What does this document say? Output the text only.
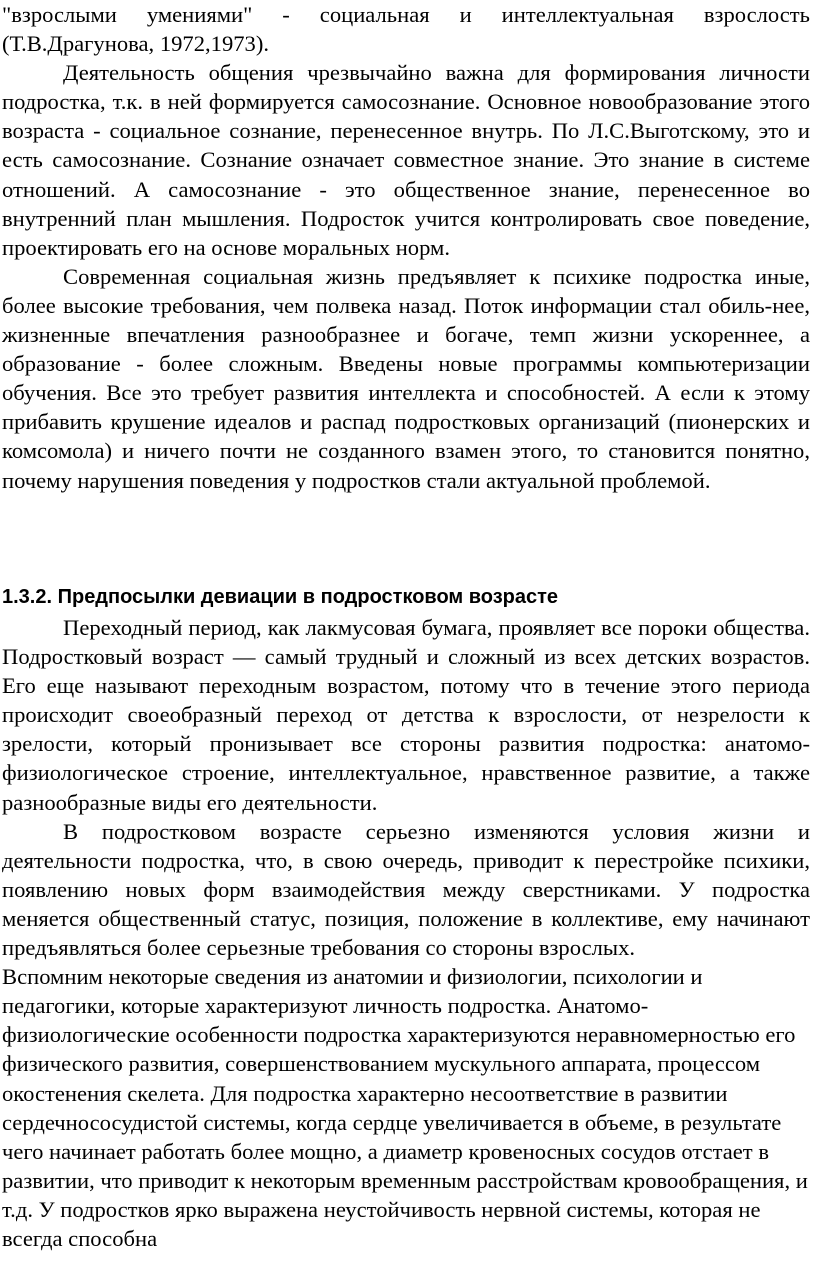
"взрослыми умениями" - социальная и интеллектуальная взрослость (Т.В.Драгунова, 1972,1973).

Деятельность общения чрезвычайно важна для формирования личности подростка, т.к. в ней формируется самосознание. Основное новообразование этого возраста - социальное сознание, перенесенное внутрь. По Л.С.Выготскому, это и есть самосознание. Сознание означает совместное знание. Это знание в системе отношений. А самосознание - это общественное знание, перенесенное во внутренний план мышления. Подросток учится контролировать свое поведение, проектировать его на основе моральных норм.

Современная социальная жизнь предъявляет к психике подростка иные, более высокие требования, чем полвека назад. Поток информации стал обиль-нее, жизненные впечатления разнообразнее и богаче, темп жизни ускореннее, а образование - более сложным. Введены новые программы компьютеризации обучения. Все это требует развития интеллекта и способностей. А если к этому прибавить крушение идеалов и распад подростковых организаций (пионерских и комсомола) и ничего почти не созданного взамен этого, то становится понятно, почему нарушения поведения у подростков стали актуальной проблемой.

1.3.2. Предпосылки девиации в подростковом возрасте

Переходный период, как лакмусовая бумага, проявляет все пороки общества. Подростковый возраст — самый трудный и сложный из всех детских возрастов. Его еще называют переходным возрастом, потому что в течение этого периода происходит своеобразный переход от детства к взрослости, от незрелости к зрелости, который пронизывает все стороны развития подростка: анатомо-физиологическое строение, интеллектуальное, нравственное развитие, а также разнообразные виды его деятельности.

В подростковом возрасте серьезно изменяются условия жизни и деятельности подростка, что, в свою очередь, приводит к перестройке психики, появлению новых форм взаимодействия между сверстниками. У подростка меняется общественный статус, позиция, положение в коллективе, ему начинают предъявляться более серьезные требования со стороны взрослых.

Вспомним некоторые сведения из анатомии и физиологии, психологии и педагогики, которые характеризуют личность подростка. Анатомо-физиологические особенности подростка характеризуются неравномерностью его физического развития, совершенствованием мускульного аппарата, процессом окостенения скелета. Для подростка характерно несоответствие в развитии сердечнососудистой системы, когда сердце увеличивается в объеме, в результате чего начинает работать более мощно, а диаметр кровеносных сосудов отстает в развитии, что приводит к некоторым временным расстройствам кровообращения, и т.д. У подростков ярко выражена неустойчивость нервной системы, которая не всегда способна
